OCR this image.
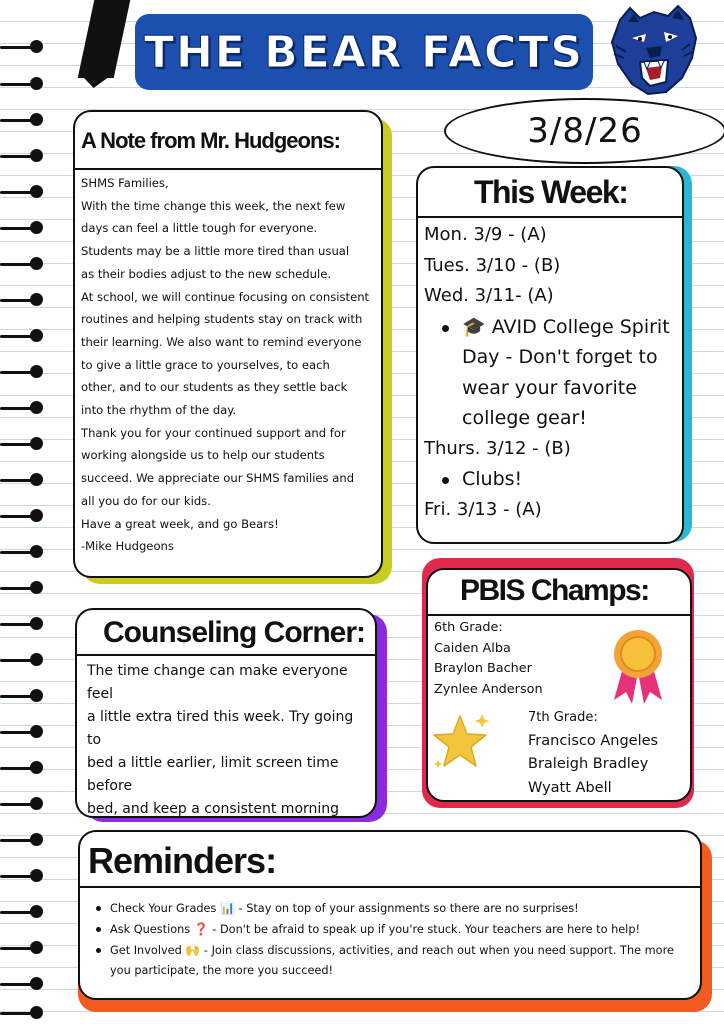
THE BEAR FACTS
3/8/26
A Note from Mr. Hudgeons:

SHMS Families,

With the time change this week, the next few

days can feel a little tough for everyone.

Students may be a little more tired than usual

as their bodies adjust to the new schedule.

At school, we will continue focusing on consistent

routines and helping students stay on track with

their learning. We also want to remind everyone

to give a little grace to yourselves, to each

other, and to our students as they settle back

into the rhythm of the day.

Thank you for your continued support and for

working alongside us to help our students

succeed. We appreciate our SHMS families and

all you do for our kids.

Have a great week, and go Bears!

-Mike Hudgeons

This Week:

Mon. 3/9 - (A)

Tues. 3/10 - (B)

Wed. 3/11- (A)

🎓 AVID College Spirit
Day - Don't forget to
wear your favorite
college gear!

Thurs. 3/12 - (B)

Clubs!

Fri. 3/13 - (A)

Counseling Corner:
The time change can make everyone feel
a little extra tired this week. Try going to
bed a little earlier, limit screen time before
bed, and keep a consistent morning
PBIS Champs:
6th Grade:
Caiden Alba
Braylon Bacher
Zynlee Anderson
7th Grade:
Francisco Angeles
Braleigh Bradley
Wyatt Abell
Reminders:
Check Your Grades 📊 - Stay on top of your assignments so there are no surprises!
Ask Questions ❓ - Don't be afraid to speak up if you're stuck. Your teachers are here to help!
Get Involved 🙌 - Join class discussions, activities, and reach out when you need support. The more
you participate, the more you succeed!
